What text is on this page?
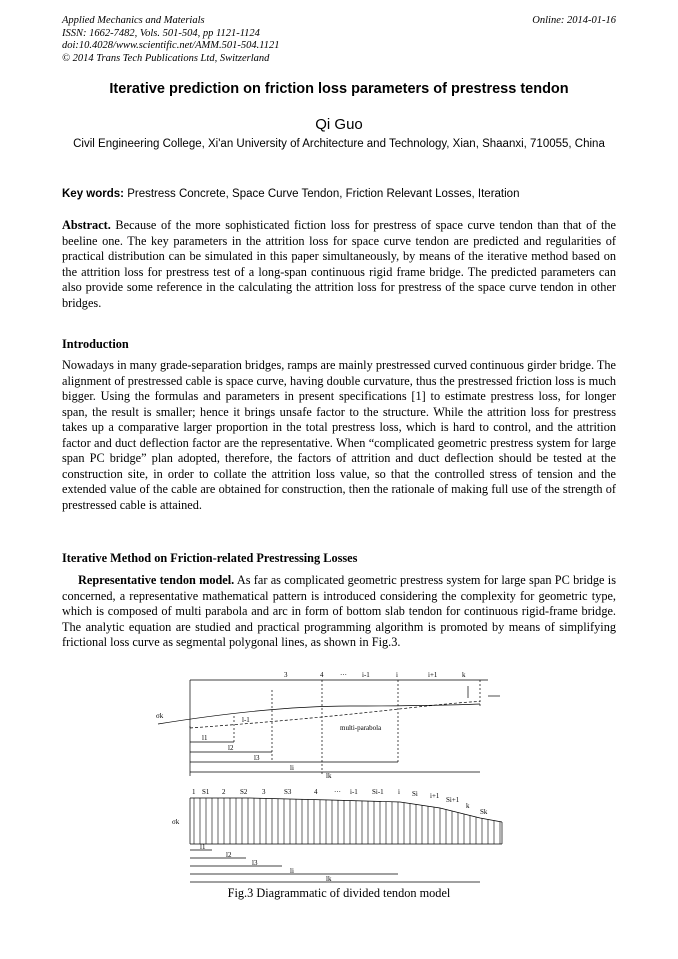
Applied Mechanics and Materials
ISSN: 1662-7482, Vols. 501-504, pp 1121-1124
doi:10.4028/www.scientific.net/AMM.501-504.1121
© 2014 Trans Tech Publications Ltd, Switzerland
Online: 2014-01-16
Iterative prediction on friction loss parameters of prestress tendon
Qi Guo
Civil Engineering College, Xi'an University of Architecture and Technology, Xian, Shaanxi, 710055, China
Key words: Prestress Concrete, Space Curve Tendon, Friction Relevant Losses, Iteration
Abstract. Because of the more sophisticated fiction loss for prestress of space curve tendon than that of the beeline one. The key parameters in the attrition loss for space curve tendon are predicted and regularities of practical distribution can be simulated in this paper simultaneously, by means of the iterative method based on the attrition loss for prestress test of a long-span continuous rigid frame bridge. The predicted parameters can also provide some reference in the calculating the attrition loss for prestress of the space curve tendon in other bridges.
Introduction
Nowadays in many grade-separation bridges, ramps are mainly prestressed curved continuous girder bridge. The alignment of prestressed cable is space curve, having double curvature, thus the prestressed friction loss is much bigger. Using the formulas and parameters in present specifications [1] to estimate prestress loss, for longer span, the result is smaller; hence it brings unsafe factor to the structure. While the attrition loss for prestress takes up a comparative larger proportion in the total prestress loss, which is hard to control, and the attrition factor and duct deflection factor are the representative. When “complicated geometric prestress system for large span PC bridge” plan adopted, therefore, the factors of attrition and duct deflection should be tested at the construction site, in order to collate the attrition loss value, so that the controlled stress of tension and the extended value of the cable are obtained for construction, then the rationale of making full use of the strength of prestressed cable is attained.
Iterative Method on Friction-related Prestressing Losses
Representative tendon model. As far as complicated geometric prestress system for large span PC bridge is concerned, a representative mathematical pattern is introduced considering the complexity for geometric type, which is composed of multi parabola and arc in form of bottom slab tendon for continuous rigid-frame bridge. The analytic equation are studied and practical programming algorithm is promoted by means of simplifying frictional loss curve as segmental polygonal lines, as shown in Fig.3.
3	4 ··· i-1	i	i+1	k
σk
multi-parabola
l-1
l1
l2
l3
li
lk
1 S1 2 S2 3	S3	4 ··· i-1 Si-1 i Si i+1 Si+1
k
Sk
σk
l1
l2
l3
li
lk
Fig.3 Diagrammatic of divided tendon model
